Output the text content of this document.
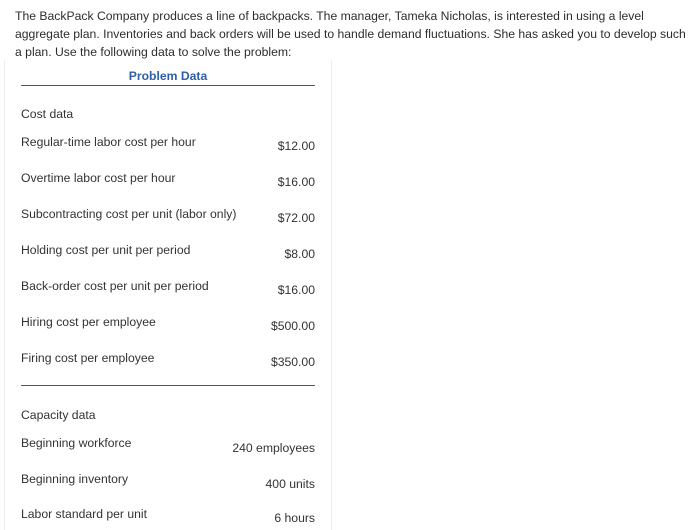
The BackPack Company produces a line of backpacks. The manager, Tameka Nicholas, is interested in using a level aggregate plan. Inventories and back orders will be used to handle demand fluctuations. She has asked you to develop such a plan. Use the following data to solve the problem:

Problem Data
Cost data
Regular-time labor cost per hour	$12.00
Overtime labor cost per hour	$16.00
Subcontracting cost per unit (labor only)	$72.00
Holding cost per unit per period	$8.00
Back-order cost per unit per period	$16.00
Hiring cost per employee	$500.00
Firing cost per employee	$350.00
Capacity data
Beginning workforce	240 employees
Beginning inventory	400 units
Labor standard per unit	6 hours
